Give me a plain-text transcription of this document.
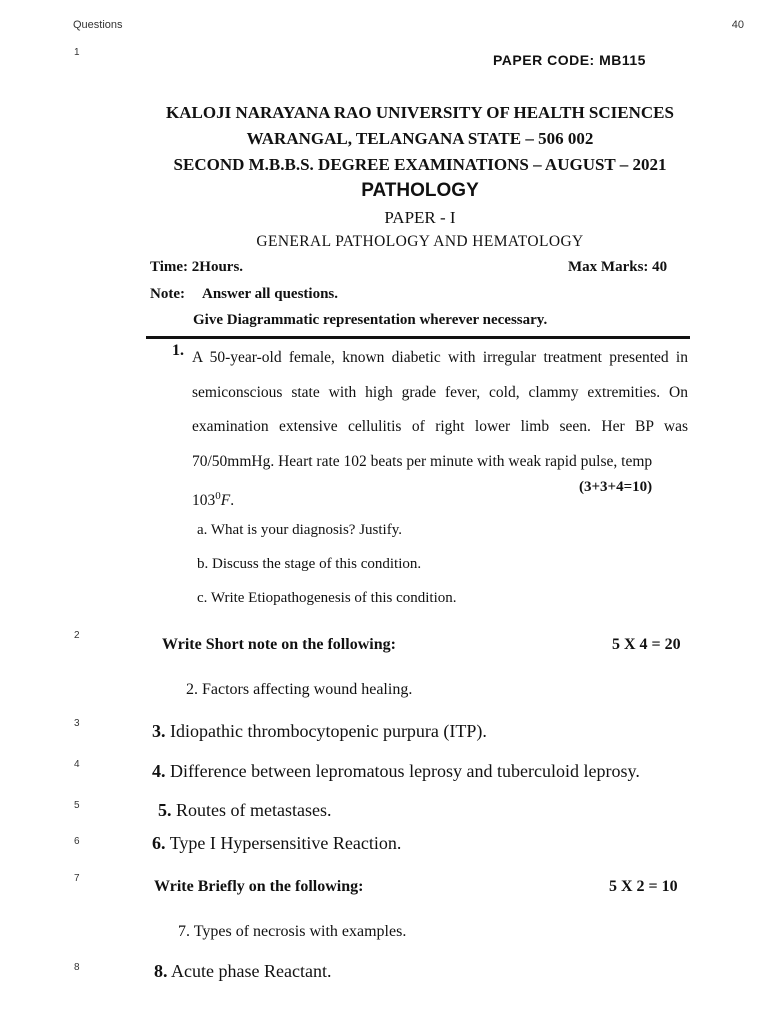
Questions	40
1
2
3
4
5
6
7
8
PAPER CODE: MB115
KALOJI NARAYANA RAO UNIVERSITY OF HEALTH SCIENCES
WARANGAL, TELANGANA STATE – 506 002
SECOND M.B.B.S. DEGREE EXAMINATIONS – AUGUST – 2021
PATHOLOGY
PAPER - I
GENERAL PATHOLOGY AND HEMATOLOGY
Time: 2Hours.	Max Marks: 40
Note: Answer all questions.
Give Diagrammatic representation wherever necessary.
1. A 50-year-old female, known diabetic with irregular treatment presented in semiconscious state with high grade fever, cold, clammy extremities. On examination extensive cellulitis of right lower limb seen. Her BP was 70/50mmHg. Heart rate 102 beats per minute with weak rapid pulse, temp
$103^0F$.
(3+3+4=10)
a. What is your diagnosis? Justify.
b. Discuss the stage of this condition.
c. Write Etiopathogenesis of this condition.
Write Short note on the following:	5 X 4 = 20
2. Factors affecting wound healing.
3. Idiopathic thrombocytopenic purpura (ITP).
4. Difference between lepromatous leprosy and tuberculoid leprosy.
5. Routes of metastases.
6. Type I Hypersensitive Reaction.
Write Briefly on the following:	5 X 2 = 10
7. Types of necrosis with examples.
8. Acute phase Reactant.
